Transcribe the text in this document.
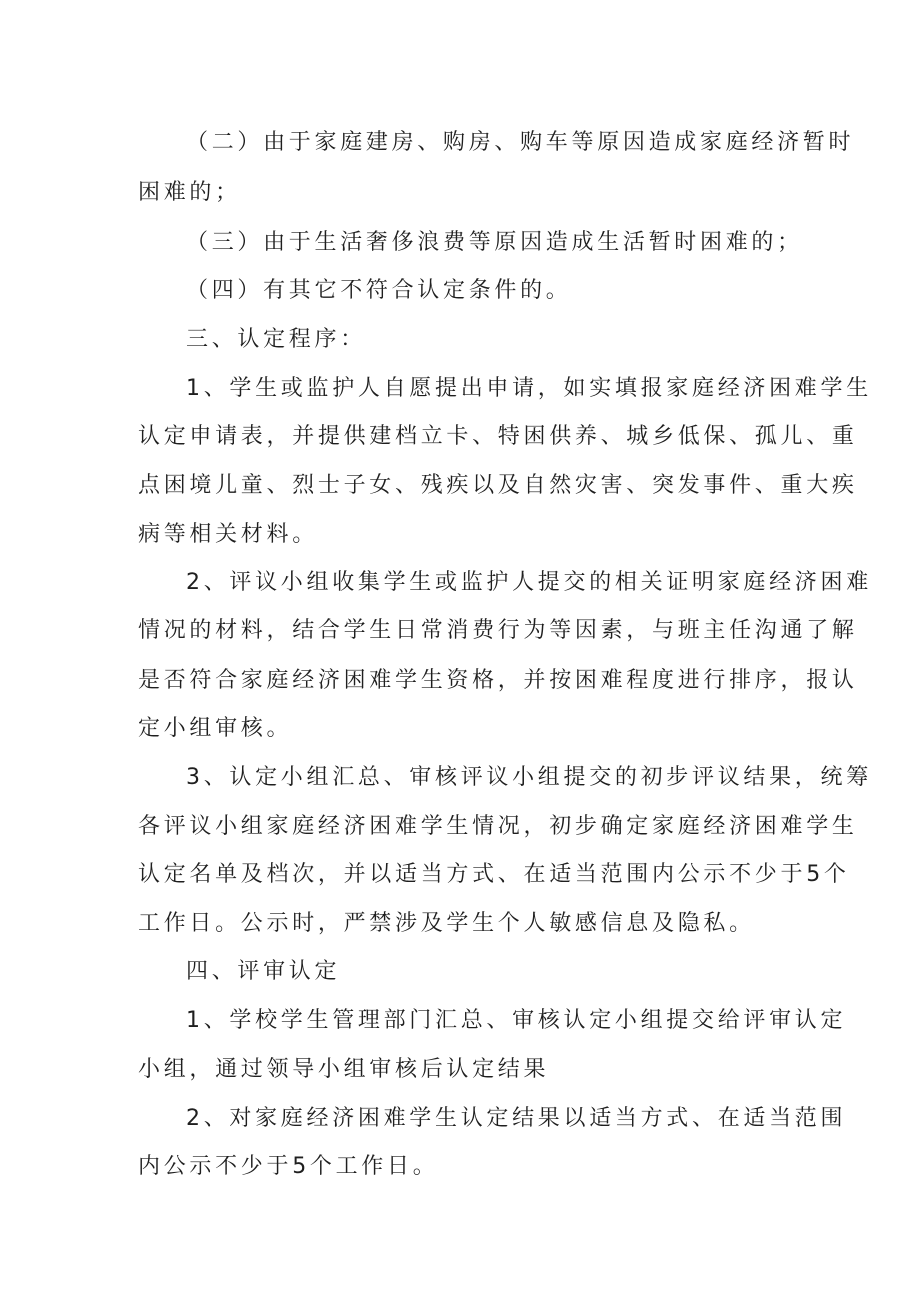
（二）由于家庭建房、购房、购车等原因造成家庭经济暂时
困难的；
（三）由于生活奢侈浪费等原因造成生活暂时困难的；
（四）有其它不符合认定条件的。
三、认定程序：
1、学生或监护人自愿提出申请，如实填报家庭经济困难学生
认定申请表，并提供建档立卡、特困供养、城乡低保、孤儿、重
点困境儿童、烈士子女、残疾以及自然灾害、突发事件、重大疾
病等相关材料。
2、评议小组收集学生或监护人提交的相关证明家庭经济困难
情况的材料，结合学生日常消费行为等因素，与班主任沟通了解
是否符合家庭经济困难学生资格，并按困难程度进行排序，报认
定小组审核。
3、认定小组汇总、审核评议小组提交的初步评议结果，统筹
各评议小组家庭经济困难学生情况，初步确定家庭经济困难学生
认定名单及档次，并以适当方式、在适当范围内公示不少于5个
工作日。公示时，严禁涉及学生个人敏感信息及隐私。
四、评审认定
1、学校学生管理部门汇总、审核认定小组提交给评审认定
小组，通过领导小组审核后认定结果
2、对家庭经济困难学生认定结果以适当方式、在适当范围
内公示不少于5个工作日。
